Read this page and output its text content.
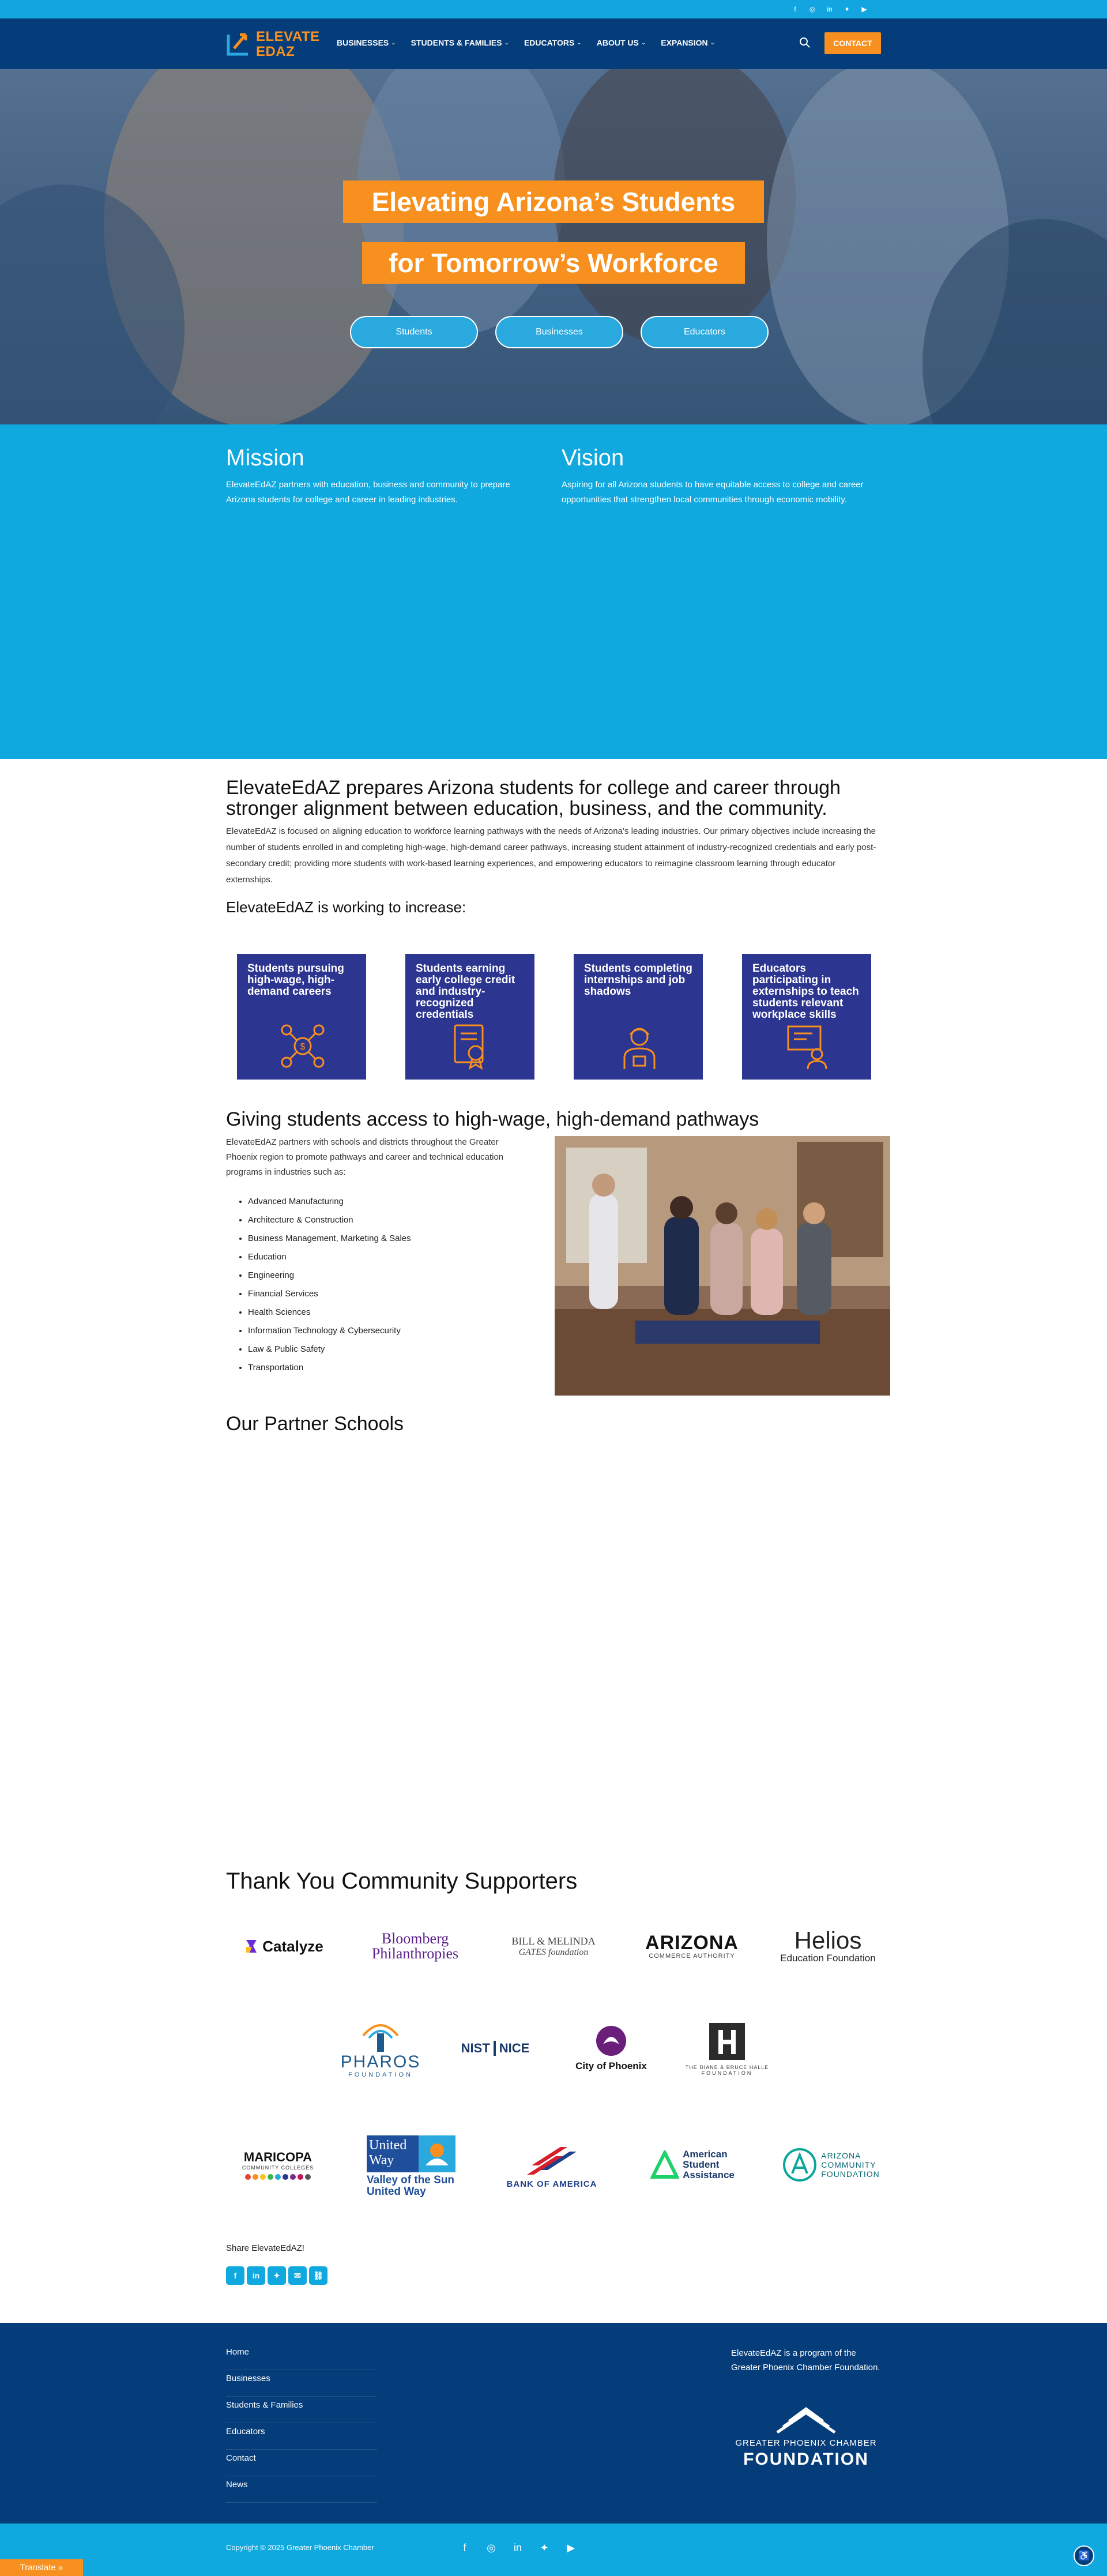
f	◎	in	✦	▶
ELEVATE
EDAZ
BUSINESSES ⌄ STUDENTS & FAMILIES ⌄ EDUCATORS ⌄ ABOUT US ⌄ EXPANSION ⌄	CONTACT
Elevating Arizona’s Students
for Tomorrow’s Workforce
Students	Businesses	Educators
Mission

ElevateEdAZ partners with education, business and community to prepare Arizona students for college and career in leading industries.

Vision

Aspiring for all Arizona students to have equitable access to college and career opportunities that strengthen local communities through economic mobility.

ElevateEdAZ prepares Arizona students for college and career through stronger alignment between education, business, and the community.
ElevateEdAZ is focused on aligning education to workforce learning pathways with the needs of Arizona’s leading industries. Our primary objectives include increasing the number of students enrolled in and completing high-wage, high-demand career pathways, increasing student attainment of industry-recognized credentials and early post-secondary credit; providing more students with work-based learning experiences, and empowering educators to reimagine classroom learning through educator externships.
ElevateEdAZ is working to increase:
Students pursuing high-wage, high-demand careers
$
Students earning early college credit and industry-recognized credentials
Students completing internships and job shadows
Educators participating in externships to teach students relevant workplace skills
Giving students access to high-wage, high-demand pathways
ElevateEdAZ partners with schools and districts throughout the Greater Phoenix region to promote pathways and career and technical education programs in industries such as:
• Advanced Manufacturing
• Architecture & Construction
• Business Management, Marketing & Sales
• Education
• Engineering
• Financial Services
• Health Sciences
• Information Technology & Cybersecurity
• Law & Public Safety
• Transportation
Our Partner Schools
Thank You Community Supporters
Catalyze	Bloomberg
Philanthropies
BILL & MELINDA
GATES foundation	ARIZONA
COMMERCE AUTHORITY
Helios
Education Foundation
PHAROS
FOUNDATION
NIST NICE
City of Phoenix	THE DIANE & BRUCE HALLE
FOUNDATION
MARICOPA
COMMUNITY COLLEGES
United
Way
Valley of the Sun
United Way
BANK OF AMERICA
American
Student
Assistance
ARIZONA
COMMUNITY
FOUNDATION
Share ElevateEdAZ!
f	in	✦	✉	⛓
Home
Businesses
Students & Families
Educators
Contact
News
ElevateEdAZ is a program of the Greater Phoenix Chamber Foundation.
GREATER PHOENIX CHAMBER
FOUNDATION
Copyright © 2025 Greater Phoenix Chamber	f	◎	in	✦	▶
Translate »
♿
